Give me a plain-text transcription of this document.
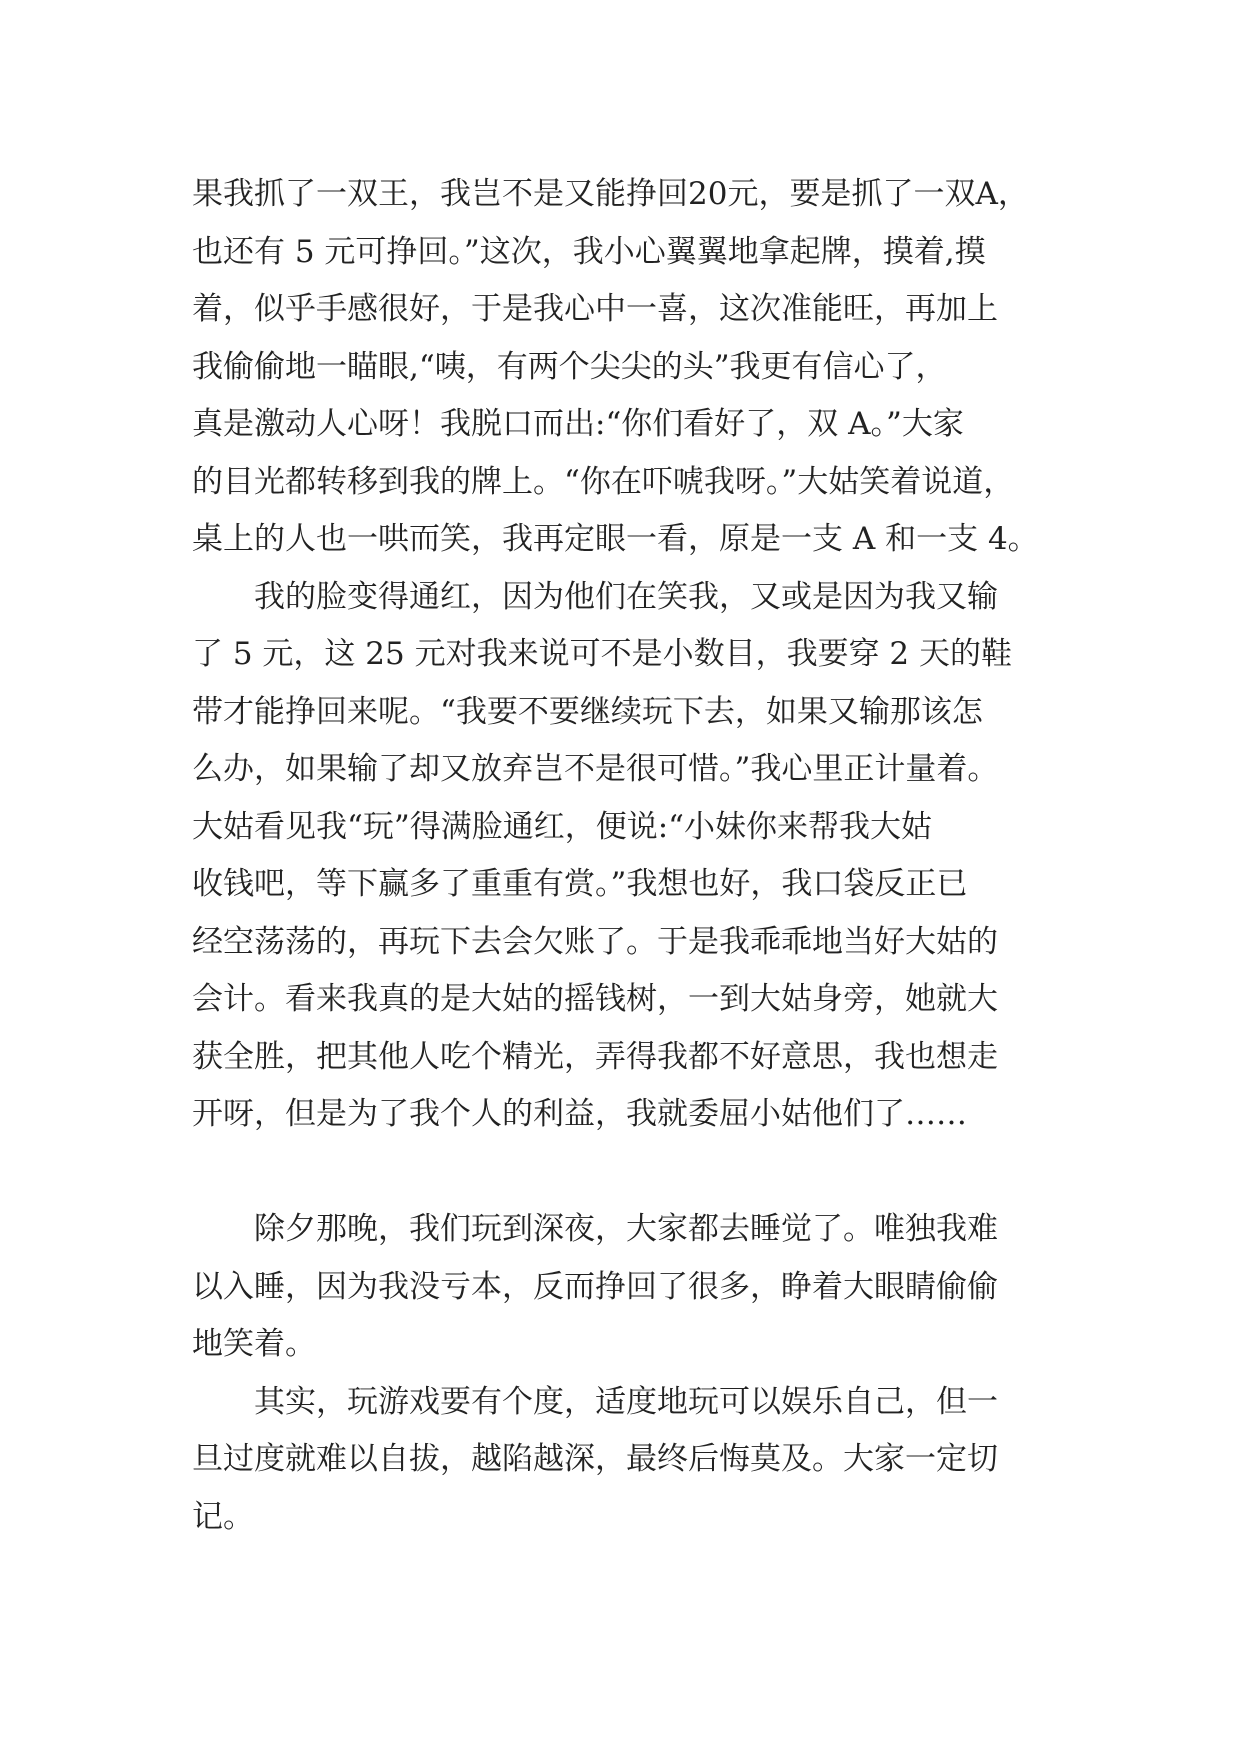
果我抓了一双王，我岂不是又能挣回20元，要是抓了一双A，
也还有 5 元可挣回。”这次，我小心翼翼地拿起牌，摸着,摸
着，似乎手感很好，于是我心中一喜，这次准能旺，再加上
我偷偷地一瞄眼,“咦，有两个尖尖的头”我更有信心了，
真是激动人心呀！我脱口而出:“你们看好了，双 A。”大家
的目光都转移到我的牌上。“你在吓唬我呀。”大姑笑着说道，
桌上的人也一哄而笑，我再定眼一看，原是一支 A 和一支 4。
我的脸变得通红，因为他们在笑我，又或是因为我又输
了 5 元，这 25 元对我来说可不是小数目，我要穿 2 天的鞋
带才能挣回来呢。“我要不要继续玩下去，如果又输那该怎
么办，如果输了却又放弃岂不是很可惜。”我心里正计量着。
大姑看见我“玩”得满脸通红，便说:“小妹你来帮我大姑
收钱吧，等下赢多了重重有赏。”我想也好，我口袋反正已
经空荡荡的，再玩下去会欠账了。于是我乖乖地当好大姑的
会计。看来我真的是大姑的摇钱树，一到大姑身旁，她就大
获全胜，把其他人吃个精光，弄得我都不好意思，我也想走
开呀，但是为了我个人的利益，我就委屈小姑他们了……
除夕那晚，我们玩到深夜，大家都去睡觉了。唯独我难
以入睡，因为我没亏本，反而挣回了很多，睁着大眼睛偷偷
地笑着。
其实，玩游戏要有个度，适度地玩可以娱乐自己，但一
旦过度就难以自拔，越陷越深，最终后悔莫及。大家一定切
记。
